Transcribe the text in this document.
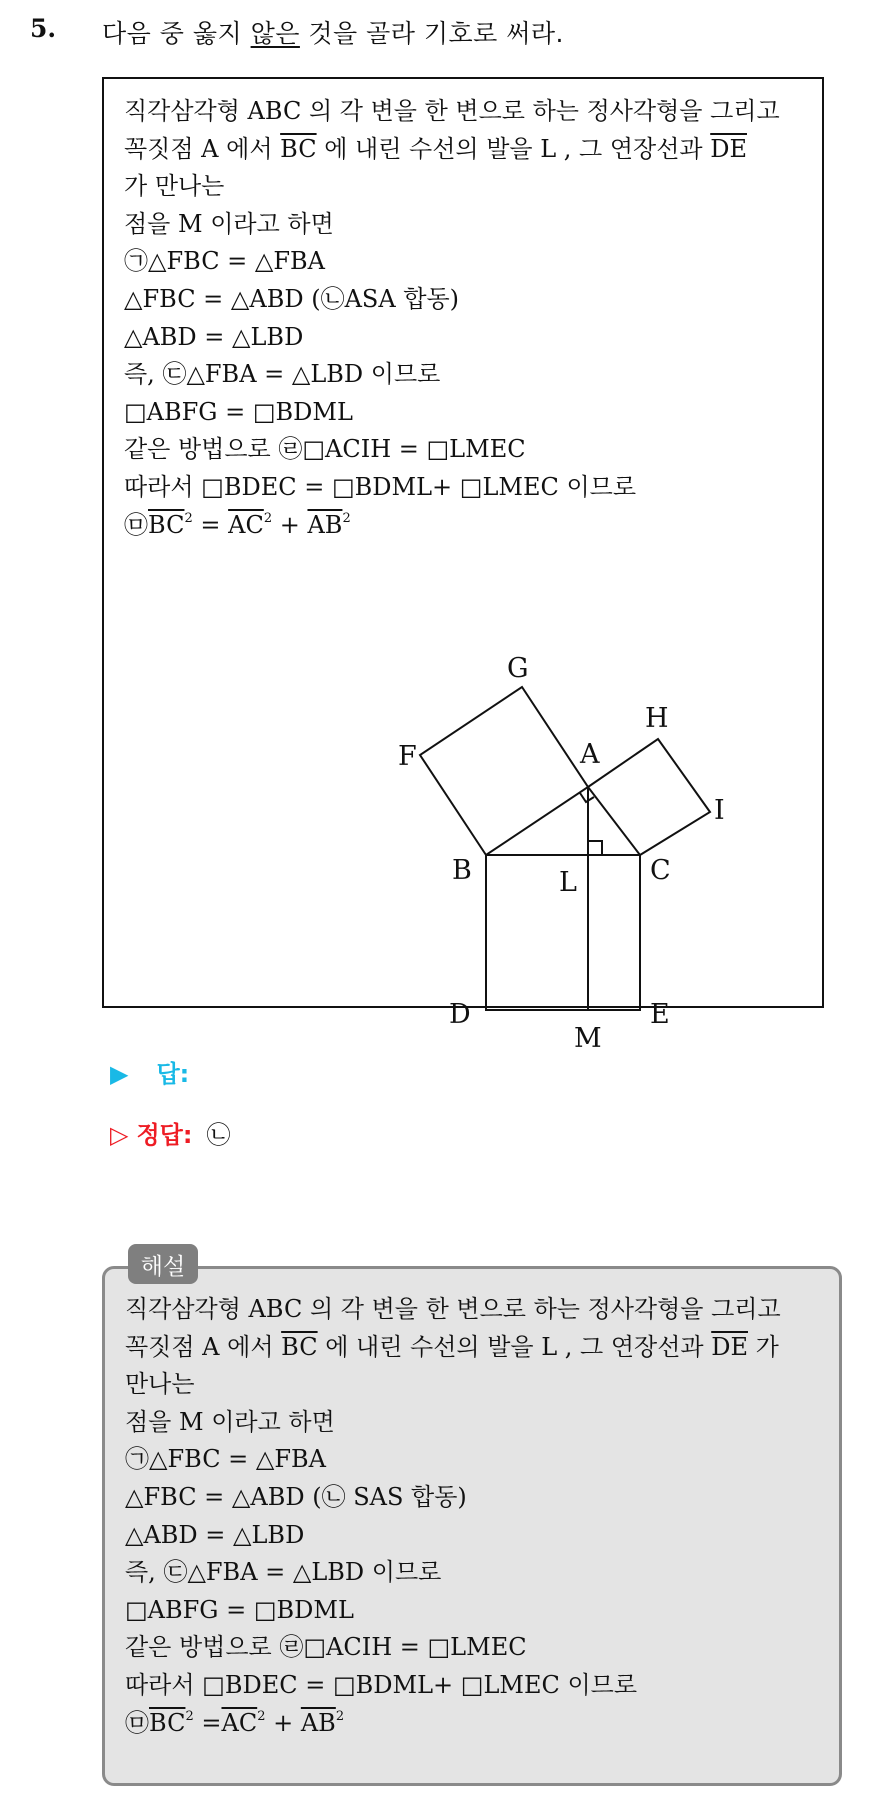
5. 다음 중 옳지 않은 것을 골라 기호로 써라.
직각삼각형 ABC 의 각 변을 한 변으로 하는 정사각형을 그리고
꼭짓점 A 에서 $\overline{BC}$ 에 내린 수선의 발을 L , 그 연장선과 $\overline{DE}$
가 만나는
점을 M 이라고 하면
㉠△FBC = △FBA
△FBC = △ABD (㉡ASA 합동)
△ABD = △LBD
즉, ㉢△FBA = △LBD 이므로
□ABFG = □BDML
같은 방법으로 ㉣□ACIH = □LMEC
따라서 □BDEC = □BDML+ □LMEC 이므로
$㉤\overline{BC}^2 = \overline{AC}^2 + \overline{AB}^2$
G
H
A
F
I
B	L	C
D
M
E
▶ 답:
▷ 정답: ㉡
해설
직각삼각형 ABC 의 각 변을 한 변으로 하는 정사각형을 그리고
꼭짓점 A 에서 $\overline{BC}$ 에 내린 수선의 발을 L , 그 연장선과 $\overline{DE}$ 가
만나는
점을 M 이라고 하면
㉠△FBC = △FBA
△FBC = △ABD (㉡ SAS 합동)
△ABD = △LBD
즉, ㉢△FBA = △LBD 이므로
□ABFG = □BDML
같은 방법으로 ㉣□ACIH = □LMEC
따라서 □BDEC = □BDML+ □LMEC 이므로
$㉤\overline{BC}^2 =\overline{AC}^2 + \overline{AB}^2$
